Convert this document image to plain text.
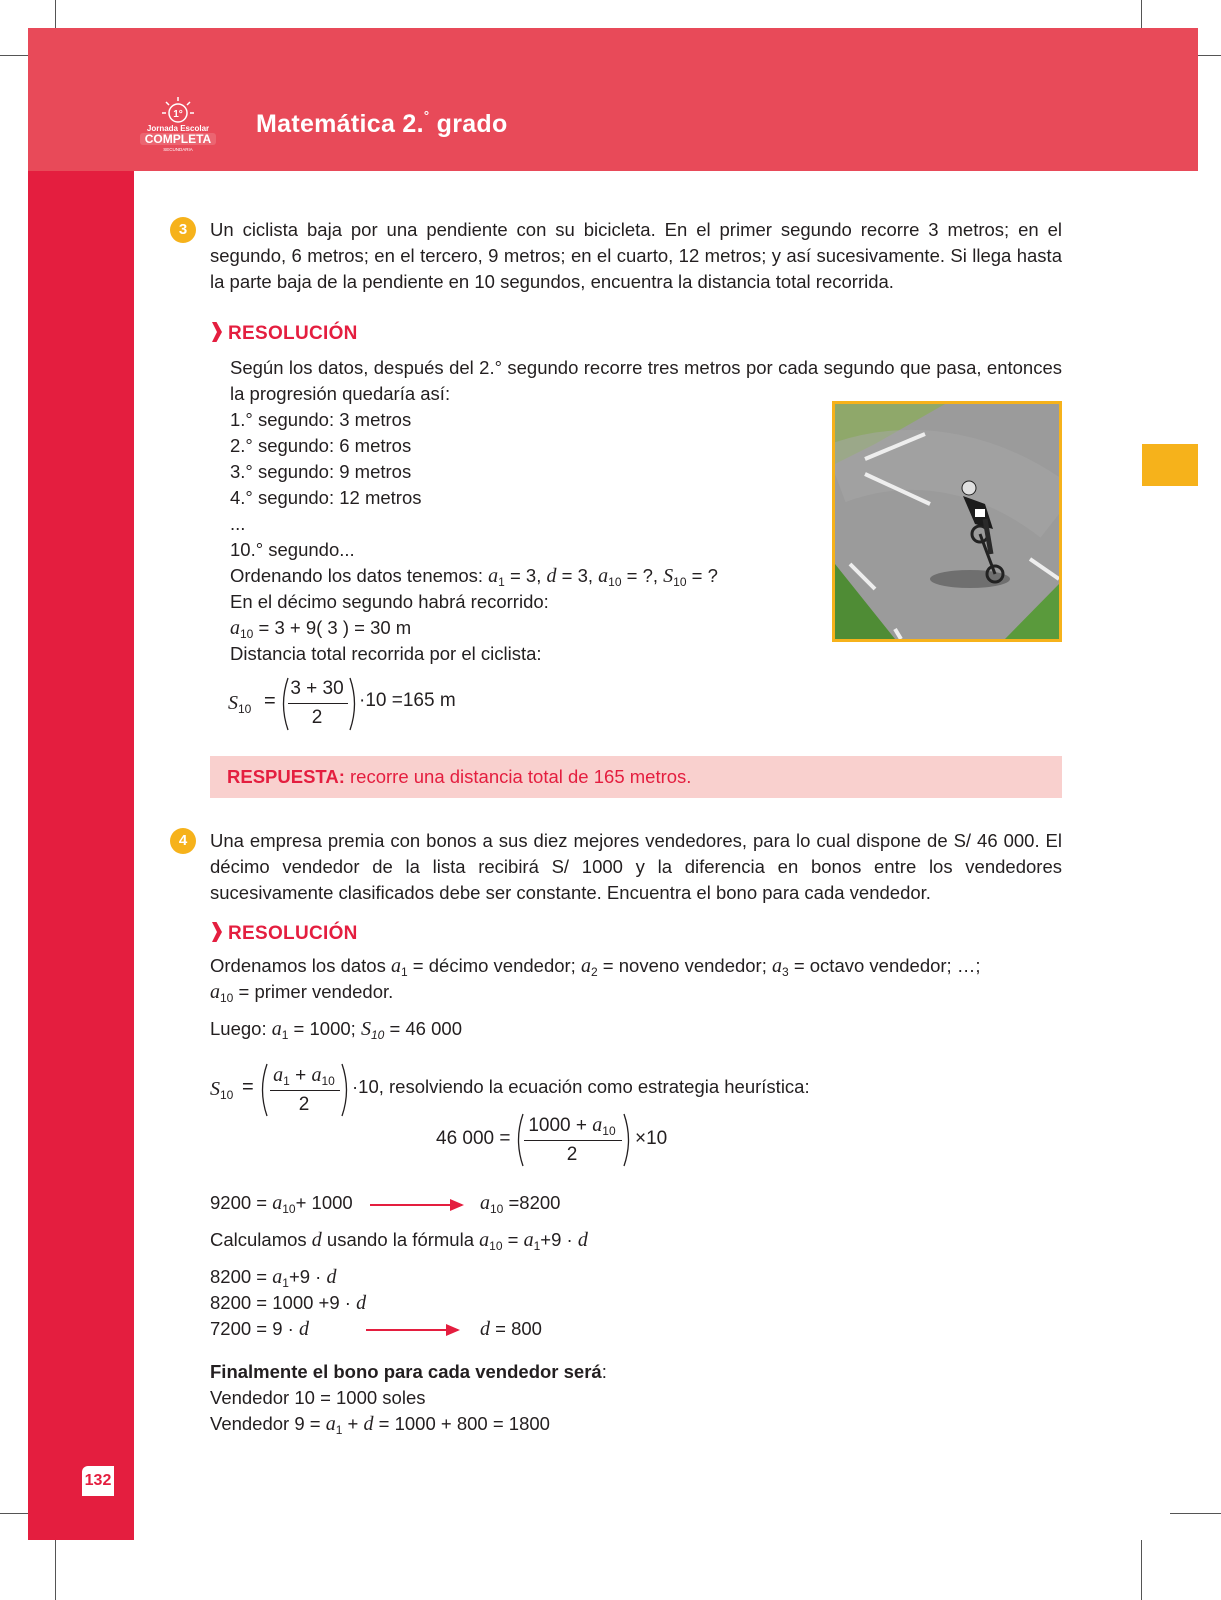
1°
Jornada Escolar
COMPLETA
SECUNDARIA
Matemática 2.° grado
132
3	Un ciclista baja por una pendiente con su bicicleta. En el primer segundo recorre 3 metros; en el segundo, 6 metros; en el tercero, 9 metros; en el cuarto, 12 metros; y así sucesivamente. Si llega hasta la parte baja de la pendiente en 10 segundos, encuentra la distancia total recorrida.
RESOLUCIÓN
Según los datos, después del 2.° segundo recorre tres metros por cada segundo que pasa, entonces la progresión quedaría así:
1.° segundo: 3 metros
2.° segundo: 6 metros
3.° segundo: 9 metros
4.° segundo: 12 metros
...
10.° segundo...
Ordenando los datos tenemos: $a_1 = 3$, d = 3, $a_{10}$ = ?, $S_{10}$ = ?
En el décimo segundo habrá recorrido:
$a_{10} = 3 + 9$( 3 ) = 30 m
Distancia total recorrida por el ciclista:
$S_{10}$ =
3 + 30
2
·10 =165 m
RESPUESTA: recorre una distancia total de 165 metros.
4	Una empresa premia con bonos a sus diez mejores vendedores, para lo cual dispone de S/ 46 000. El décimo vendedor de la lista recibirá S/ 1000 y la diferencia en bonos entre los vendedores sucesivamente clasificados debe ser constante. Encuentra el bono para cada vendedor.
RESOLUCIÓN
Ordenamos los datos $a_1$ = décimo vendedor; $a_2$ = noveno vendedor; $a_3$ = octavo vendedor; …;
$a_{10}$ = primer vendedor.
Luego: $a_1 = 1000$; $S_{10} = 46$ 000
$S_{10}$ =
$a_1 + a_{10}$
2
·10, resolviendo la ecuación como estrategia heurística:
46 000 =
$1000 + a_{10}$
2
×10
$9200 = a_{10}+ 1000$	$a_{10} =8200$
Calculamos d usando la fórmula $a_{10} = a_1+9 \cdot d$
$8200 = a_1+9 \cdot d$
8200 = 1000 +9 · d
7200 = 9 · d	d = 800
Finalmente el bono para cada vendedor será:
Vendedor 10 = 1000 soles
Vendedor $9 = a_1 + d = 1000 + 800 = 1800$
